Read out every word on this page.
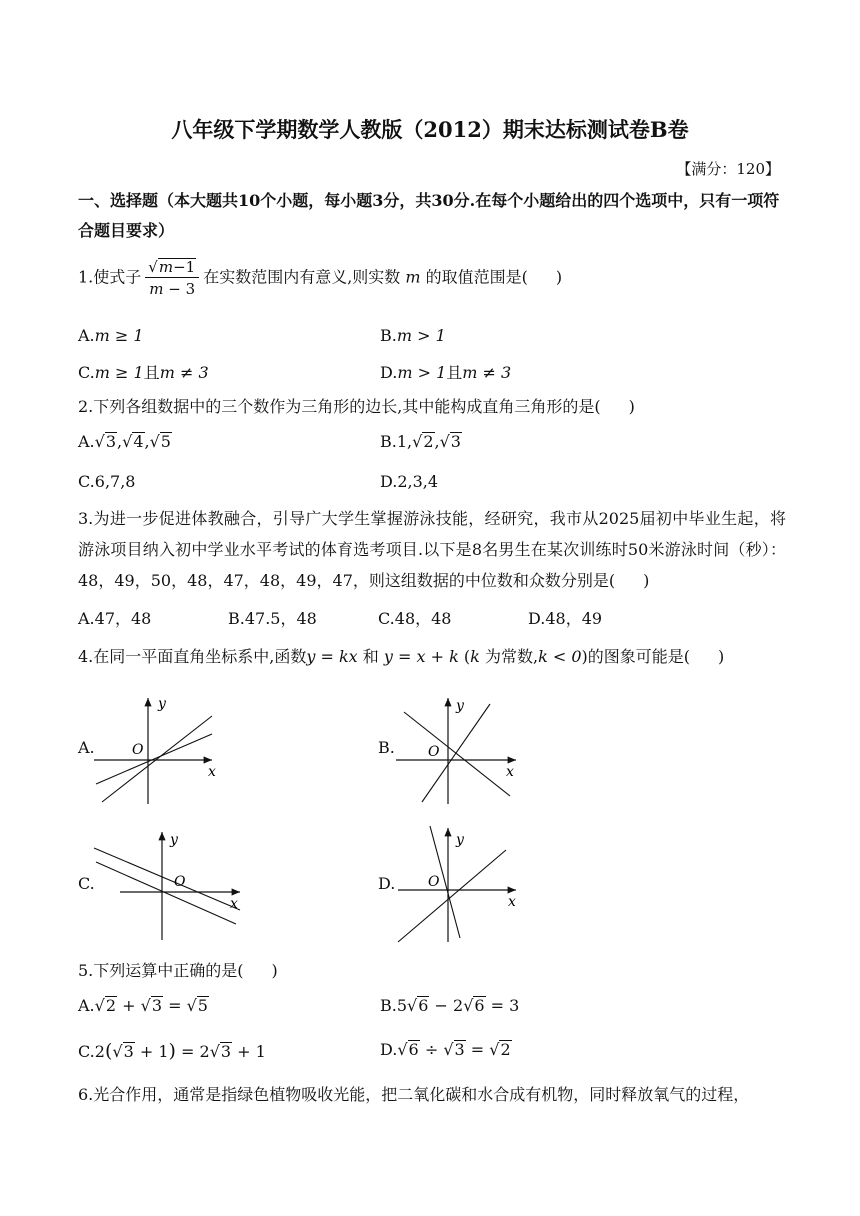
八年级下学期数学人教版（2012）期末达标测试卷B卷
【满分：120】
一、选择题（本大题共10个小题，每小题3分，共30分.在每个小题给出的四个选项中，只有一项符合题目要求）
1.使式子 $\frac{√m-1}{m - 3}$ 在实数范围内有意义,则实数 m 的取值范围是( )
A.m ≥ 1	B.m > 1
C.m ≥ 1且m ≠ 3	D.m > 1且m ≠ 3
2.下列各组数据中的三个数作为三角形的边长,其中能构成直角三角形的是( )
A.√3,√4,√5	B.1,√2,√3
C.6,7,8	D.2,3,4
3.为进一步促进体教融合，引导广大学生掌握游泳技能，经研究，我市从2025届初中毕业生起，将游泳项目纳入初中学业水平考试的体育选考项目.以下是8名男生在某次训练时50米游泳时间（秒）：48，49，50，48，47，48，49，47，则这组数据的中位数和众数分别是( )
A.47，48	B.47.5，48	C.48，48	D.48，49
4.在同一平面直角坐标系中,函数y = kx 和 y = x + k (k 为常数,k < 0)的图象可能是( )
A.
y
x
O	B.
y
x
O
C.
y
x
O	D.
y
x
O
5.下列运算中正确的是( )
A.√2 + √3 = √5	B.5√6 − 2√6 = 3
C.2(√3 + 1) = 2√3 + 1	D.√6 ÷ √3 = √2
6.光合作用，通常是指绿色植物吸收光能，把二氧化碳和水合成有机物，同时释放氧气的过程，
